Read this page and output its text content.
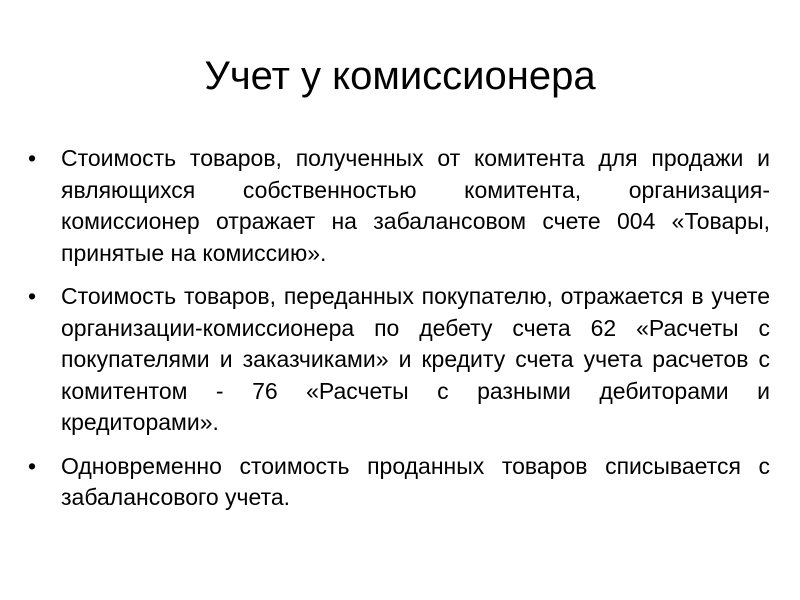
Учет у комиссионера
• Стоимость товаров, полученных от комитента для продажи и являющихся собственностью комитента, организация-комиссионер отражает на забалансовом счете 004 «Товары, принятые на комиссию».
• Стоимость товаров, переданных покупателю, отражается в учете организации-комиссионера по дебету счета 62 «Расчеты с покупателями и заказчиками» и кредиту счета учета расчетов с комитентом - 76 «Расчеты с разными дебиторами и кредиторами».
• Одновременно стоимость проданных товаров списывается с забалансового учета.
